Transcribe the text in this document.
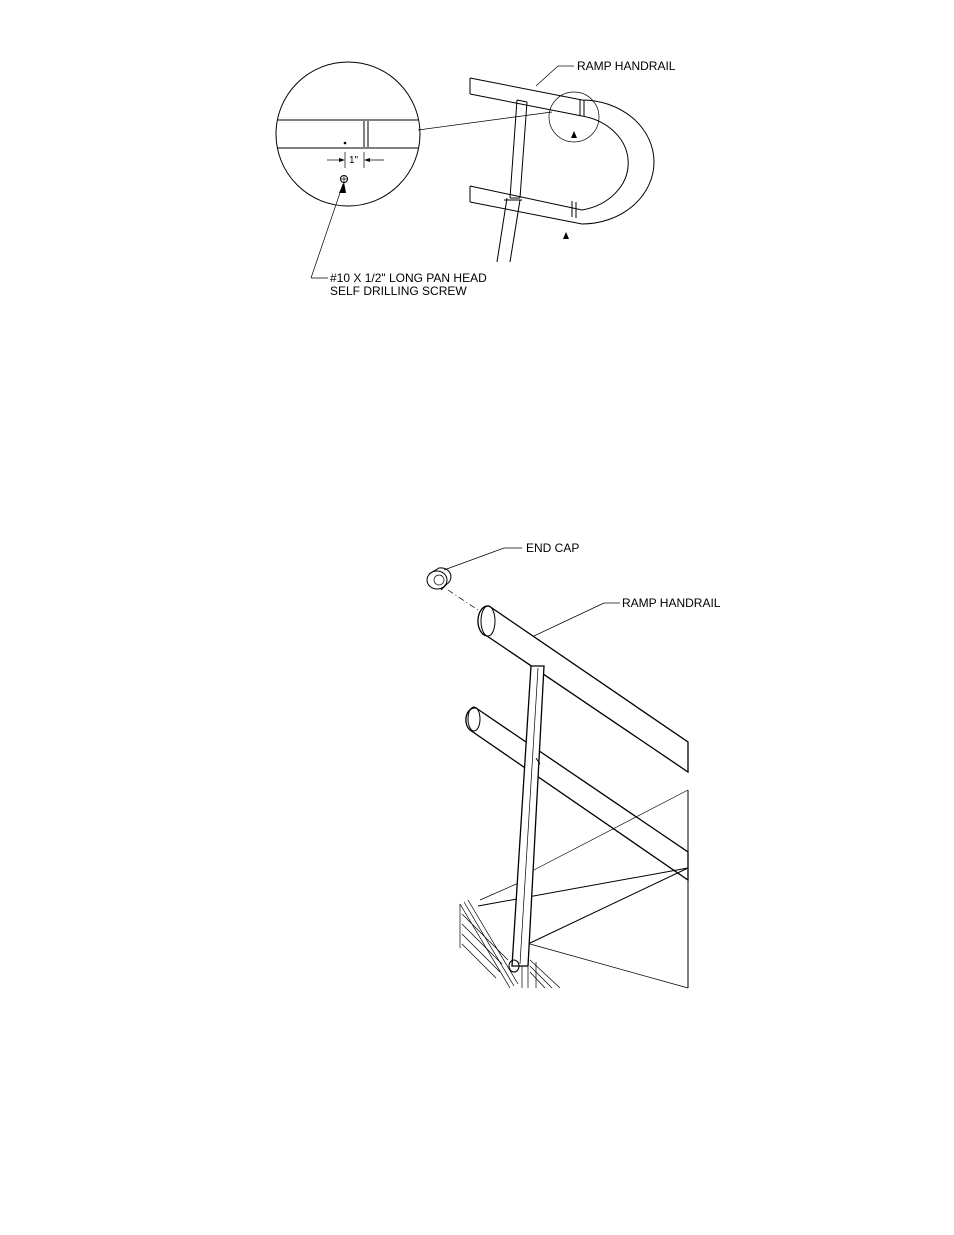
1"
RAMP HANDRAIL
#10 X 1/2" LONG PAN HEAD
SELF DRILLING SCREW
END CAP
RAMP HANDRAIL
